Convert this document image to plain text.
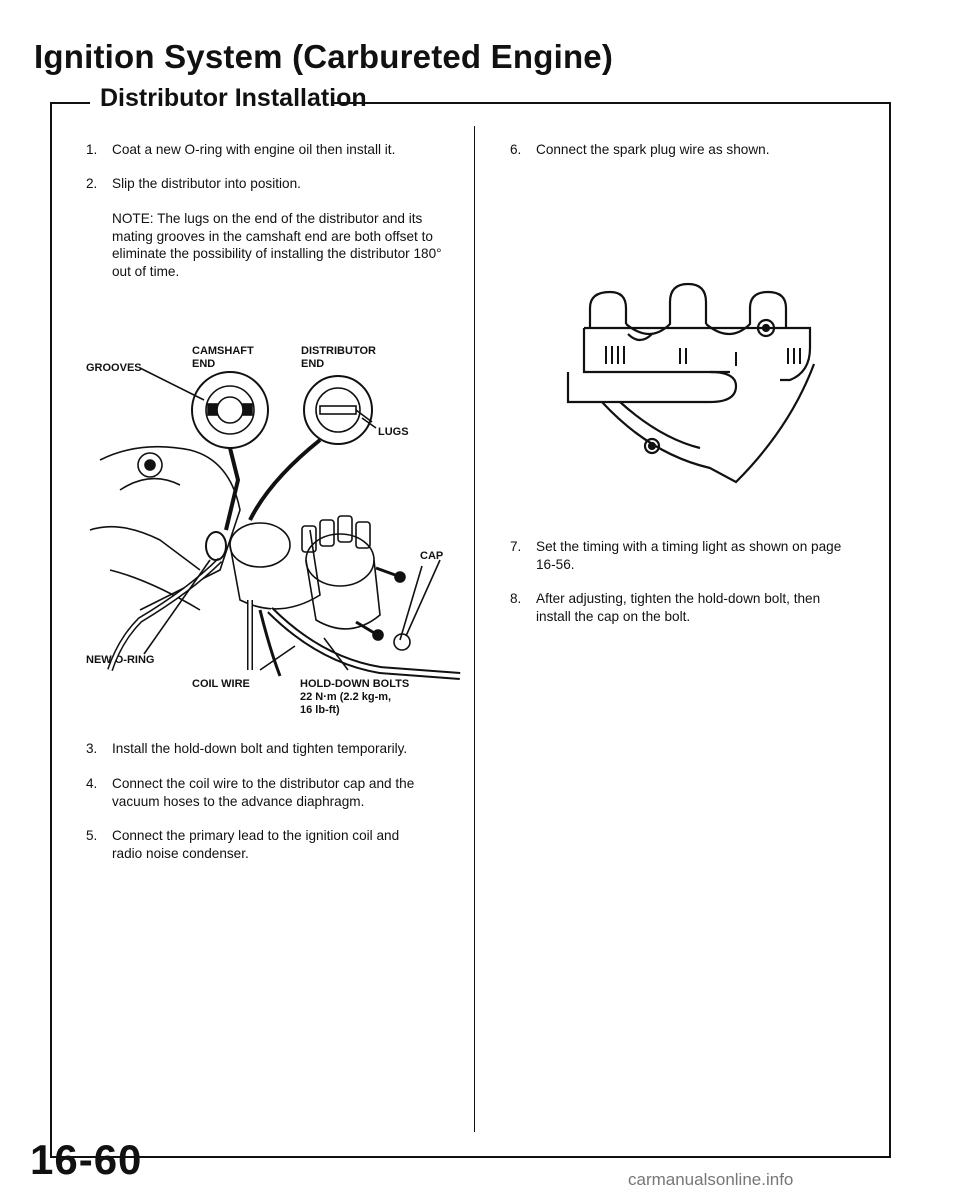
Ignition System (Carbureted Engine)
Distributor Installation
1.	Coat a new O-ring with engine oil then install it.
2.	Slip the distributor into position.
NOTE: The lugs on the end of the distributor and its mating grooves in the camshaft end are both offset to eliminate the possibility of installing the distributor 180° out of time.
CAMSHAFT
END
DISTRIBUTOR
END
GROOVES
LUGS
CAP
NEW O-RING
COIL WIRE	HOLD-DOWN BOLTS
22 N·m (2.2 kg-m,
16 lb-ft)
3.	Install the hold-down bolt and tighten temporarily.
4.	Connect the coil wire to the distributor cap and the
vacuum hoses to the advance diaphragm.
5.	Connect the primary lead to the ignition coil and
radio noise condenser.
6.	Connect the spark plug wire as shown.
7.	Set the timing with a timing light as shown on page
16-56.
8.	After adjusting, tighten the hold-down bolt, then
install the cap on the bolt.
16-60	carmanualsonline.info
